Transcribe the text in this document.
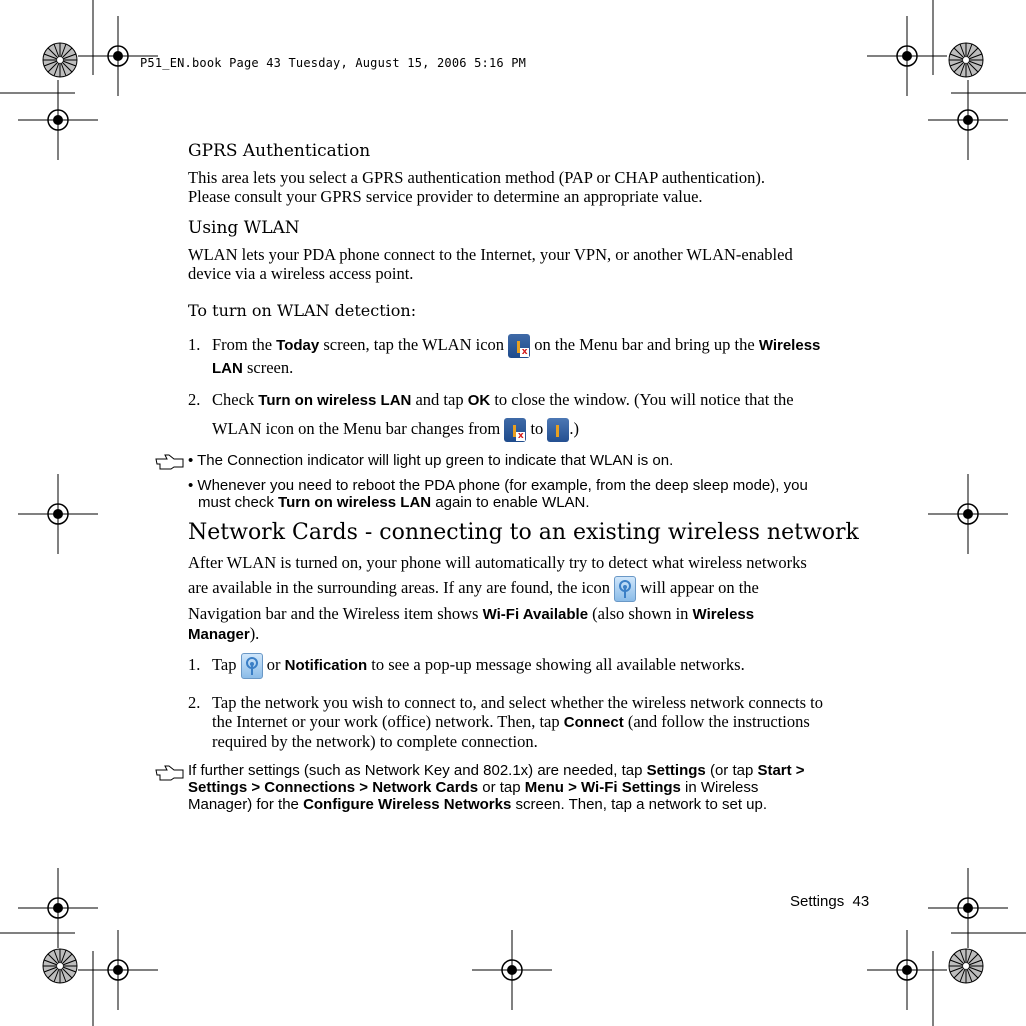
P51_EN.book Page 43 Tuesday, August 15, 2006 5:16 PM
GPRS Authentication
This area lets you select a GPRS authentication method (PAP or CHAP authentication).
Please consult your GPRS service provider to determine an appropriate value.
Using WLAN
WLAN lets your PDA phone connect to the Internet, your VPN, or another WLAN-enabled
device via a wireless access point.
To turn on WLAN detection:
1. From the Today screen, tap the WLAN icon x on the Menu bar and bring up the Wireless
LAN screen.
2. Check Turn on wireless LAN and tap OK to close the window. (You will notice that the
WLAN icon on the Menu bar changes from x to
.)
• The Connection indicator will light up green to indicate that WLAN is on.
• Whenever you need to reboot the PDA phone (for example, from the deep sleep mode), you
must check Turn on wireless LAN again to enable WLAN.
Network Cards - connecting to an existing wireless network
After WLAN is turned on, your phone will automatically try to detect what wireless networks
are available in the surrounding areas. If any are found, the icon
will appear on the
Navigation bar and the Wireless item shows Wi-Fi Available (also shown in Wireless
Manager).
1. Tap
or Notification to see a pop-up message showing all available networks.
2. Tap the network you wish to connect to, and select whether the wireless network connects to
the Internet or your work (office) network. Then, tap Connect (and follow the instructions
required by the network) to complete connection.
If further settings (such as Network Key and 802.1x) are needed, tap Settings (or tap Start >
Settings > Connections > Network Cards or tap Menu > Wi-Fi Settings in Wireless
Manager) for the Configure Wireless Networks screen. Then, tap a network to set up.
Settings 43
